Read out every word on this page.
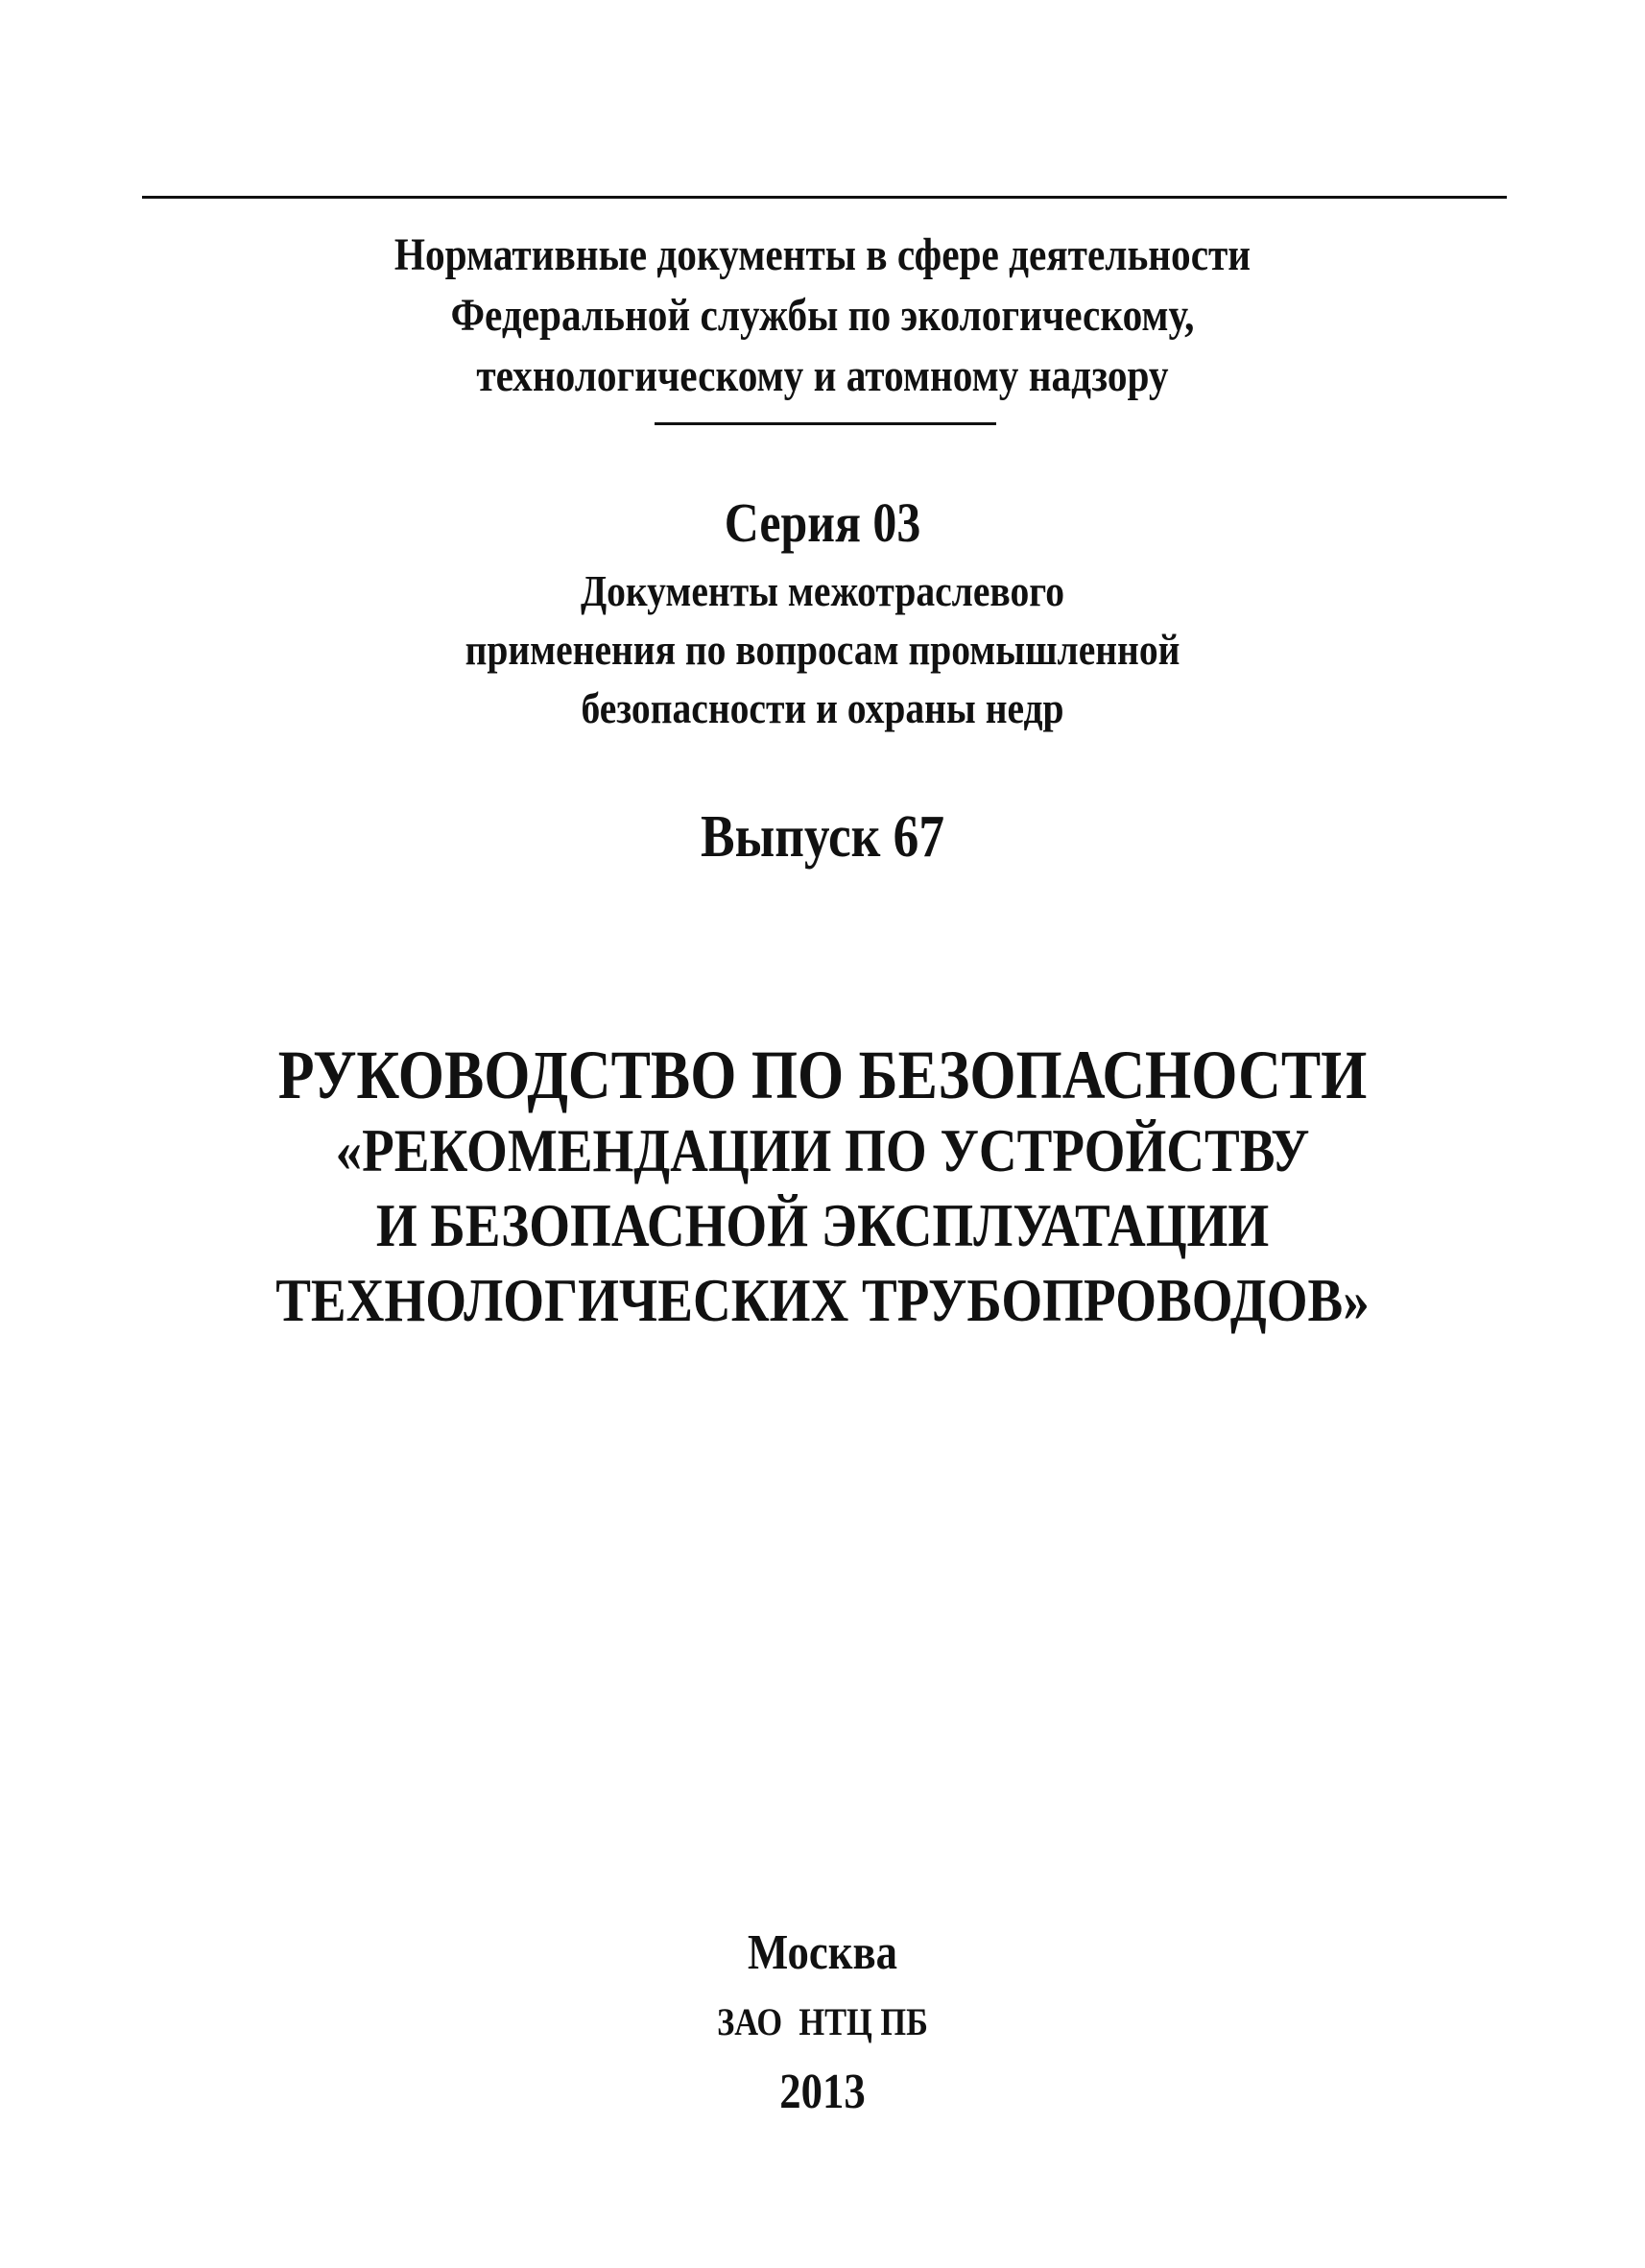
Нормативные документы в сфере деятельности
Федеральной службы по экологическому,
технологическому и атомному надзору
Серия 03
Документы межотраслевого
применения по вопросам промышленной
безопасности и охраны недр
Выпуск 67
РУКОВОДСТВО ПО БЕЗОПАСНОСТИ
«РЕКОМЕНДАЦИИ ПО УСТРОЙСТВУ
И БЕЗОПАСНОЙ ЭКСПЛУАТАЦИИ
ТЕХНОЛОГИЧЕСКИХ ТРУБОПРОВОДОВ»
Москва
ЗАО  НТЦ ПБ
2013
